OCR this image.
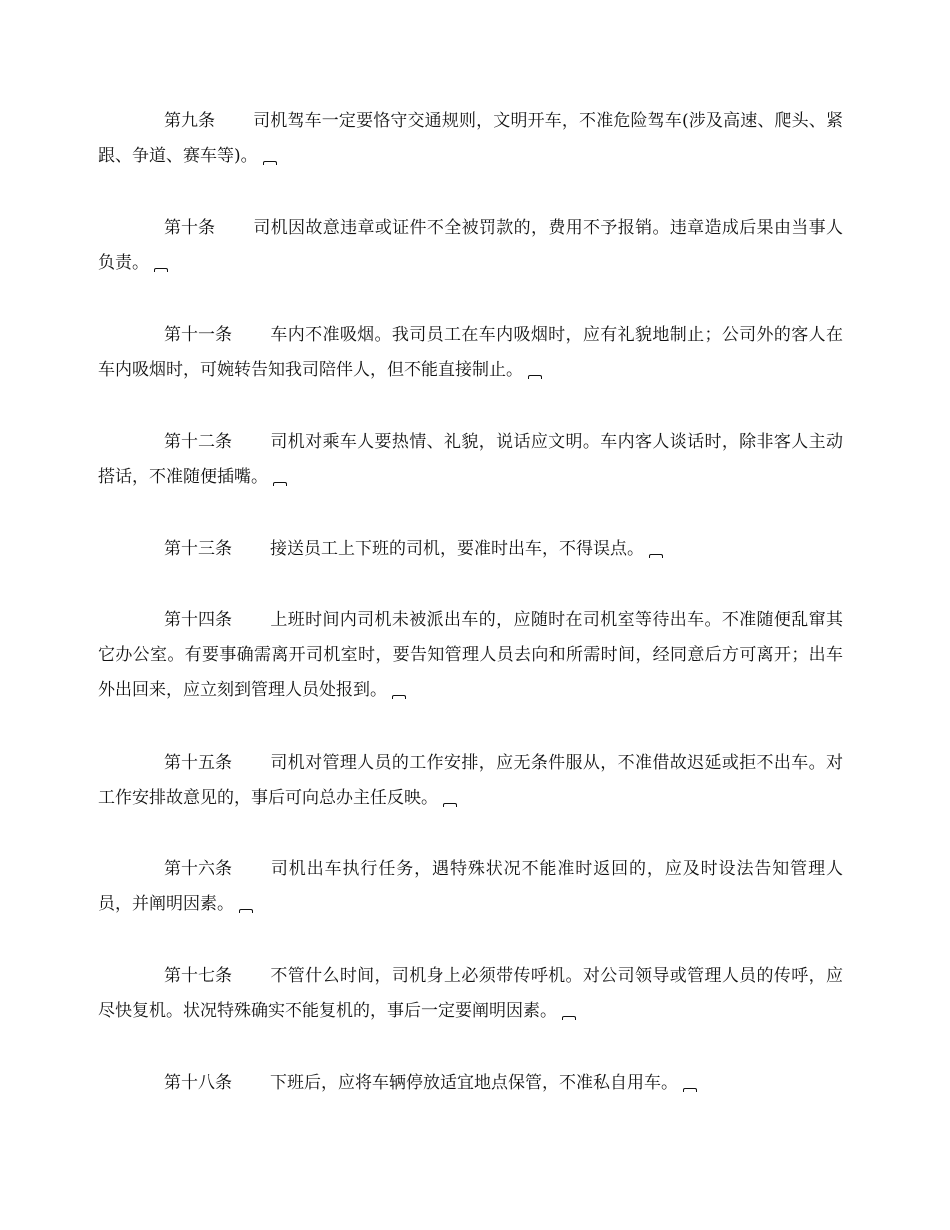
第九条 司机驾车一定要恪守交通规则，文明开车，不准危险驾车(涉及高速、爬头、紧跟、争道、赛车等)。

第十条 司机因故意违章或证件不全被罚款的，费用不予报销。违章造成后果由当事人负责。

第十一条 车内不准吸烟。我司员工在车内吸烟时，应有礼貌地制止；公司外的客人在车内吸烟时，可婉转告知我司陪伴人，但不能直接制止。

第十二条 司机对乘车人要热情、礼貌，说话应文明。车内客人谈话时，除非客人主动搭话，不准随便插嘴。

第十三条 接送员工上下班的司机，要准时出车，不得误点。

第十四条 上班时间内司机未被派出车的，应随时在司机室等待出车。不准随便乱窜其它办公室。有要事确需离开司机室时，要告知管理人员去向和所需时间，经同意后方可离开；出车外出回来，应立刻到管理人员处报到。

第十五条 司机对管理人员的工作安排，应无条件服从，不准借故迟延或拒不出车。对工作安排故意见的，事后可向总办主任反映。

第十六条 司机出车执行任务，遇特殊状况不能准时返回的，应及时设法告知管理人员，并阐明因素。

第十七条 不管什么时间，司机身上必须带传呼机。对公司领导或管理人员的传呼，应尽快复机。状况特殊确实不能复机的，事后一定要阐明因素。

第十八条 下班后，应将车辆停放适宜地点保管，不准私自用车。
